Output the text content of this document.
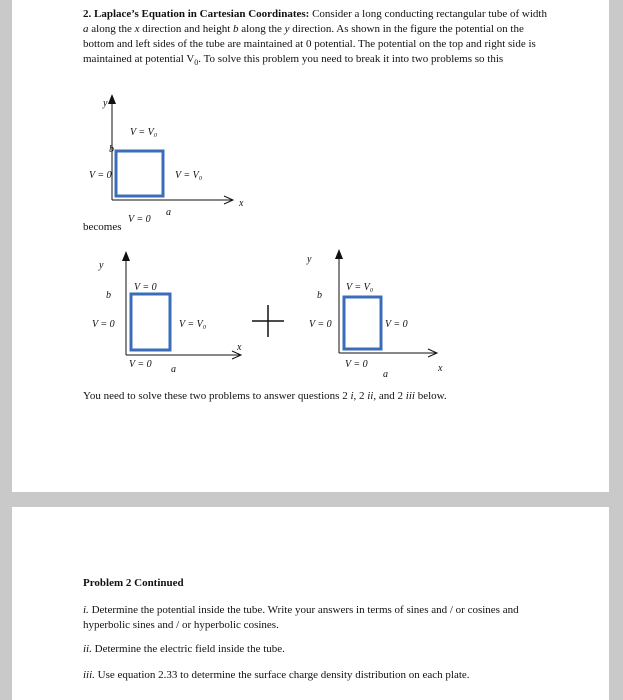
2. Laplace’s Equation in Cartesian Coordinates: Consider a long conducting rectangular tube of width a along the x direction and height b along the y direction. As shown in the figure the potential on the bottom and left sides of the tube are maintained at 0 potential. The potential on the top and right side is maintained at potential $V_0$. To solve this problem you need to break it into two problems so this

y
x
b
a
V = V₀
V = 0	V = V₀
V = 0
y
x
b
a
V = 0
V = 0	V = V₀
V = 0
y
x
b
a
V = V₀
V = 0	V = 0
V = 0

becomes

You need to solve these two problems to answer questions 2 i, 2 ii, and 2 iii below.

Problem 2 Continued

i. Determine the potential inside the tube. Write your answers in terms of sines and / or cosines and hyperbolic sines and / or hyperbolic cosines.

ii. Determine the electric field inside the tube.

iii. Use equation 2.33 to determine the surface charge density distribution on each plate.
